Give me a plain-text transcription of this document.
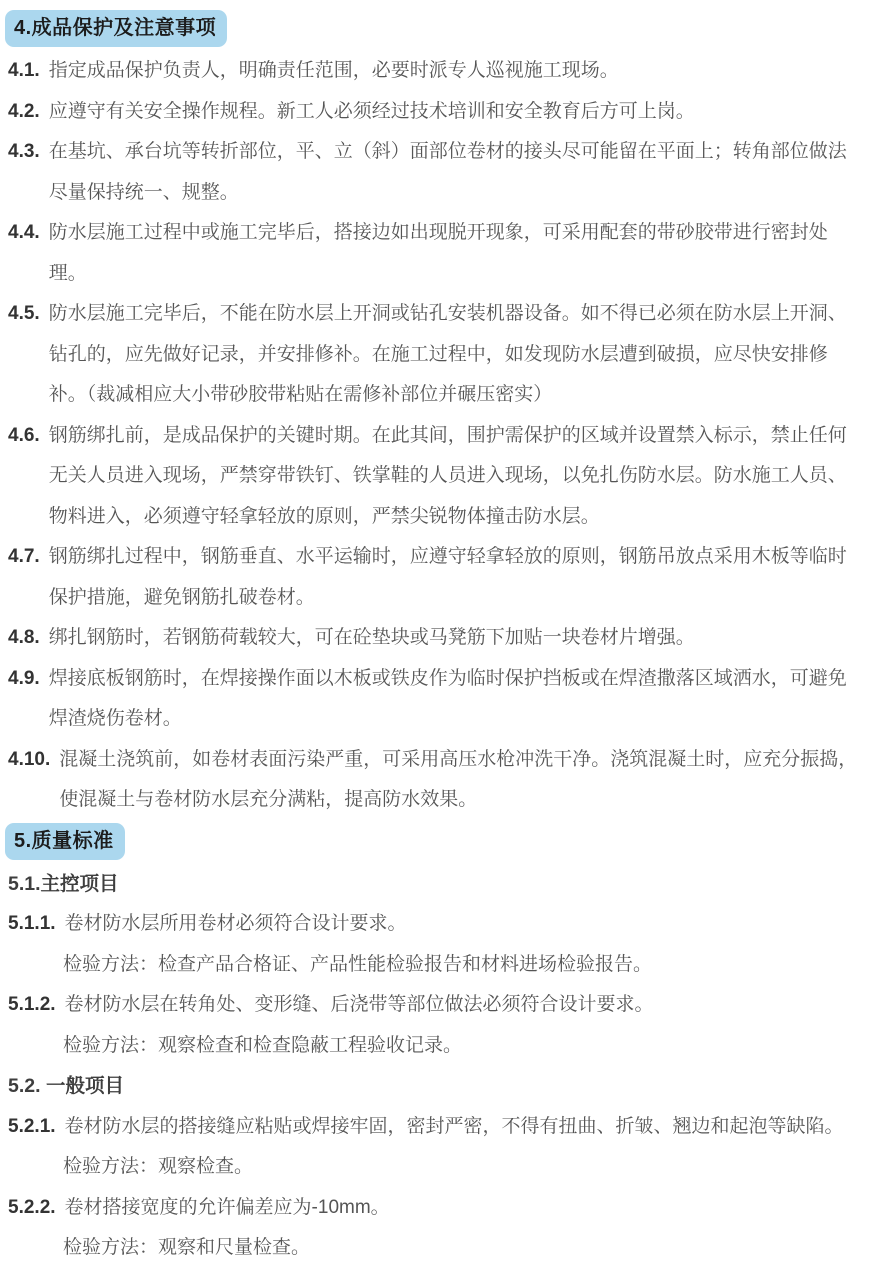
4.成品保护及注意事项
4.1. 指定成品保护负责人，明确责任范围，必要时派专人巡视施工现场。
4.2. 应遵守有关安全操作规程。新工人必须经过技术培训和安全教育后方可上岗。
4.3. 在基坑、承台坑等转折部位，平、立（斜）面部位卷材的接头尽可能留在平面上；转角部位做法尽量保持统一、规整。
4.4. 防水层施工过程中或施工完毕后，搭接边如出现脱开现象，可采用配套的带砂胶带进行密封处理。
4.5. 防水层施工完毕后，不能在防水层上开洞或钻孔安装机器设备。如不得已必须在防水层上开洞、钻孔的，应先做好记录，并安排修补。在施工过程中，如发现防水层遭到破损，应尽快安排修补。（裁减相应大小带砂胶带粘贴在需修补部位并碾压密实）
4.6. 钢筋绑扎前，是成品保护的关键时期。在此其间，围护需保护的区域并设置禁入标示，禁止任何无关人员进入现场，严禁穿带铁钉、铁掌鞋的人员进入现场，以免扎伤防水层。防水施工人员、物料进入，必须遵守轻拿轻放的原则，严禁尖锐物体撞击防水层。
4.7. 钢筋绑扎过程中，钢筋垂直、水平运输时，应遵守轻拿轻放的原则，钢筋吊放点采用木板等临时保护措施，避免钢筋扎破卷材。
4.8. 绑扎钢筋时，若钢筋荷载较大，可在砼垫块或马凳筋下加贴一块卷材片增强。
4.9. 焊接底板钢筋时，在焊接操作面以木板或铁皮作为临时保护挡板或在焊渣撒落区域洒水，可避免焊渣烧伤卷材。
4.10. 混凝土浇筑前，如卷材表面污染严重，可采用高压水枪冲洗干净。浇筑混凝土时，应充分振捣，使混凝土与卷材防水层充分满粘，提高防水效果。
5.质量标准
5.1.主控项目
5.1.1. 卷材防水层所用卷材必须符合设计要求。
检验方法：检查产品合格证、产品性能检验报告和材料进场检验报告。
5.1.2. 卷材防水层在转角处、变形缝、后浇带等部位做法必须符合设计要求。
检验方法：观察检查和检查隐蔽工程验收记录。
5.2. 一般项目
5.2.1. 卷材防水层的搭接缝应粘贴或焊接牢固，密封严密，不得有扭曲、折皱、翘边和起泡等缺陷。
检验方法：观察检查。
5.2.2. 卷材搭接宽度的允许偏差应为-10mm。
检验方法：观察和尺量检查。
